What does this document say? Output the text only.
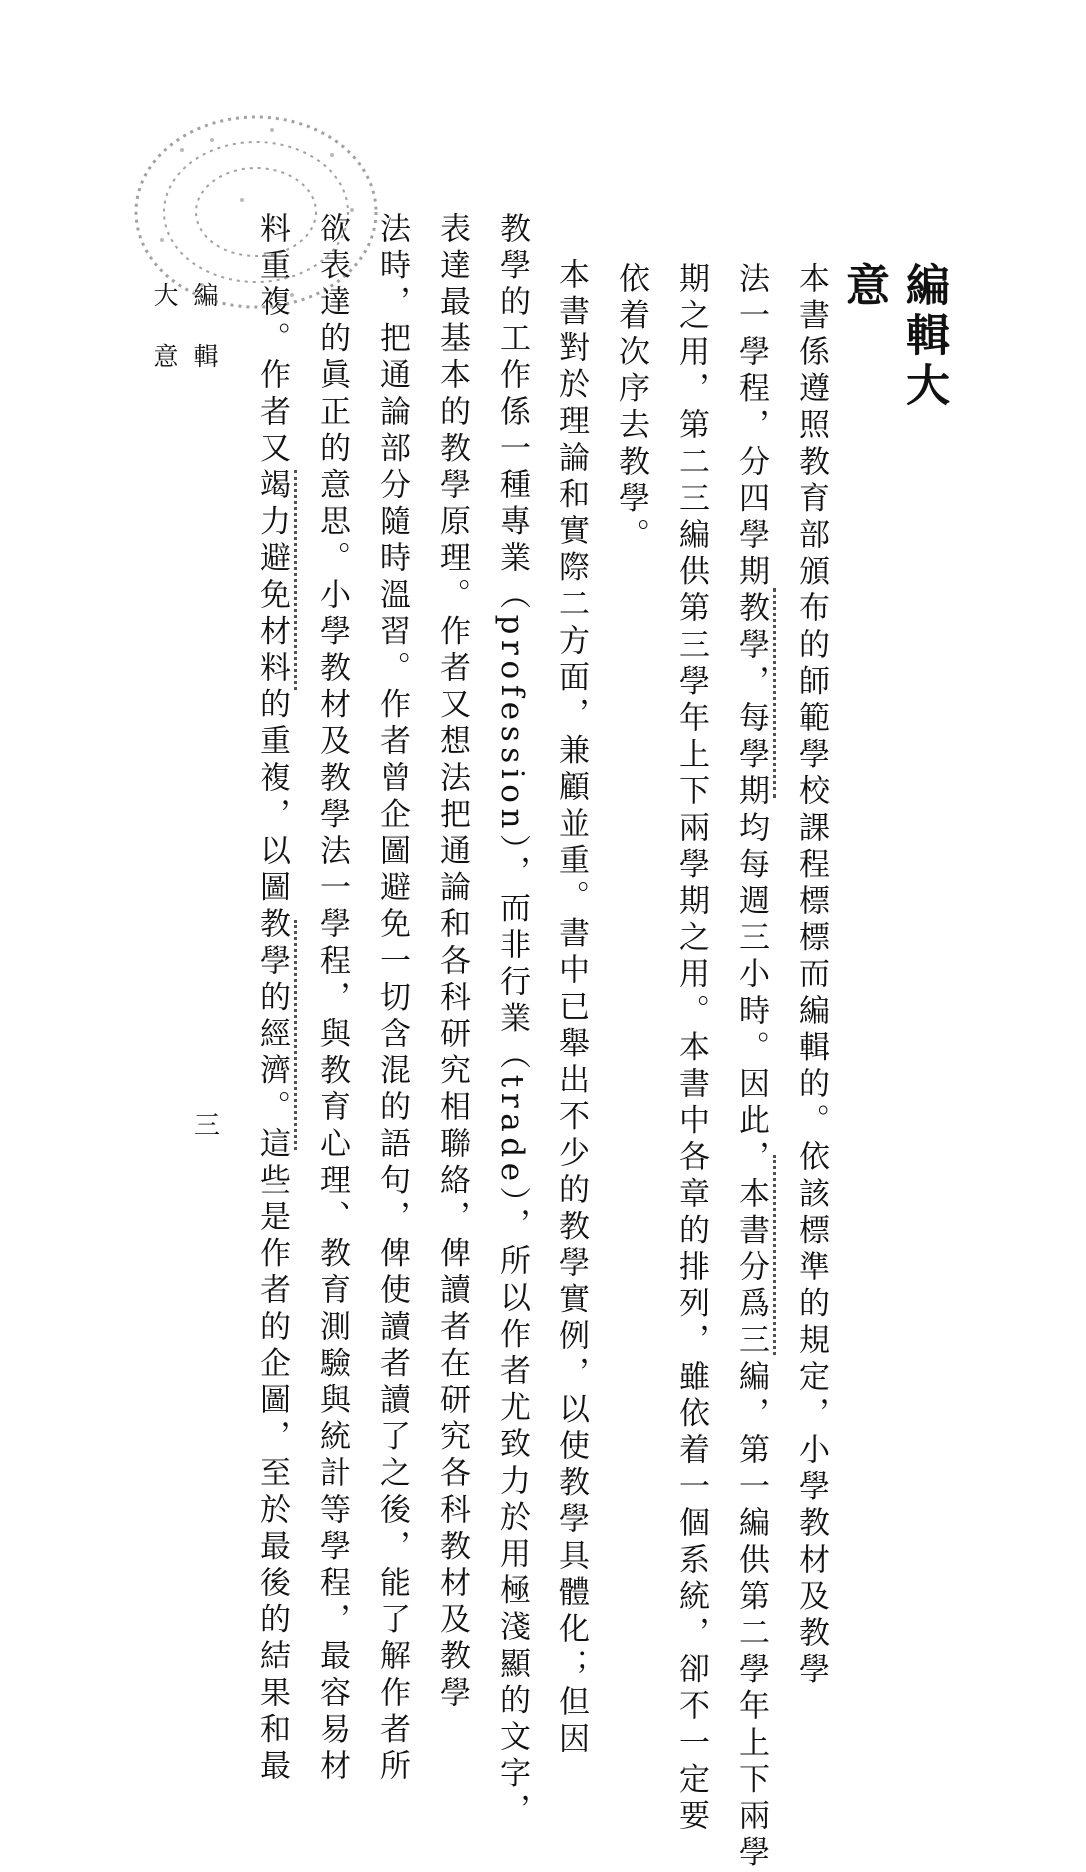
編輯大意
本書係遵照教育部頒布的師範學校課程標標而編輯的。依該標準的規定，小學教材及教學
法一學程，分四學期教學，每學期均每週三小時。因此，本書分爲三編，第一編供第二學年上下兩學
期之用，第二三編供第三學年上下兩學期之用。本書中各章的排列，雖依着一個系統，卻不一定要
依着次序去教學。
本書對於理論和實際二方面，兼顧並重。書中已舉出不少的教學實例，以使教學具體化；但因
教學的工作係一種專業（profession），而非行業（trade），所以作者尤致力於用極淺顯的文字，
表達最基本的教學原理。作者又想法把通論和各科研究相聯絡，俾讀者在研究各科教材及教學
法時，把通論部分隨時溫習。作者曾企圖避免一切含混的語句，俾使讀者讀了之後，能了解作者所
欲表達的眞正的意思。小學教材及教學法一學程，與教育心理、教育測驗與統計等學程，最容易材
料重複。作者又竭力避免材料的重複，以圖教學的經濟。這些是作者的企圖，至於最後的結果和最
編 輯 大 意
三
